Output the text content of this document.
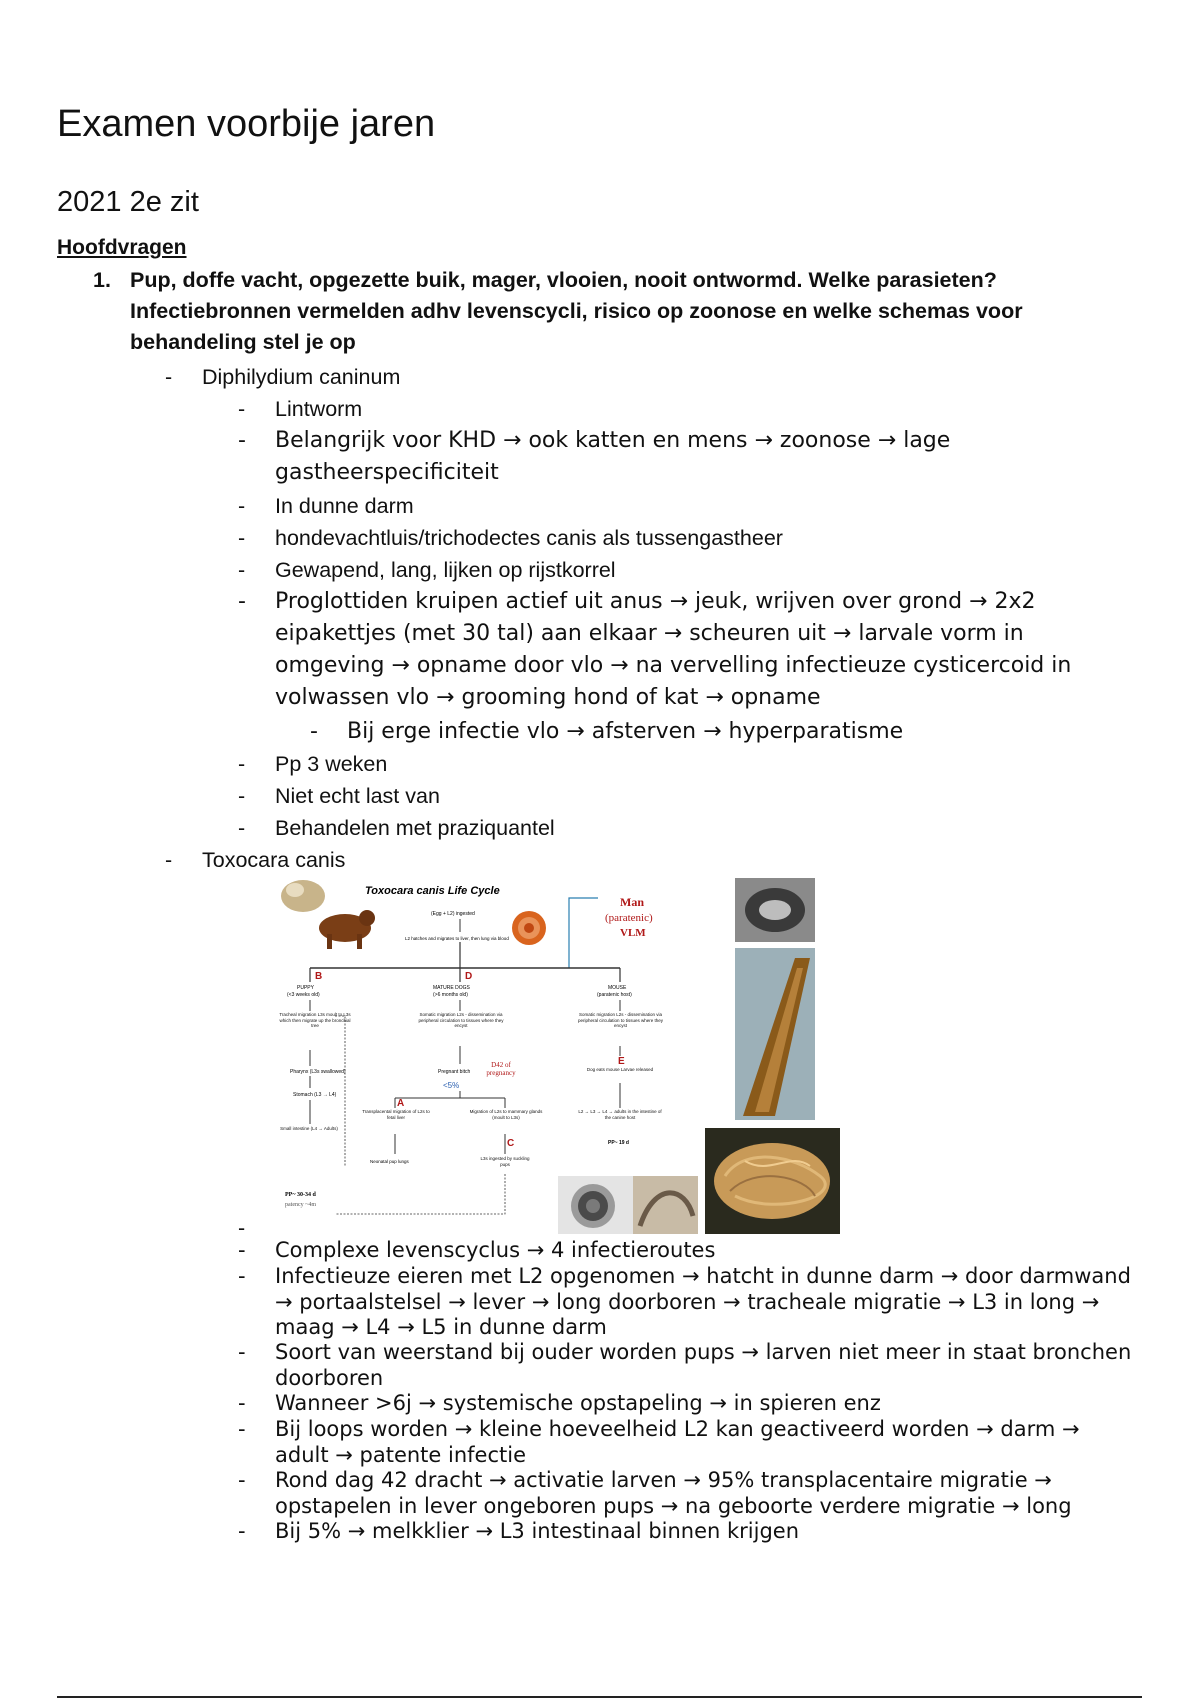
Examen voorbije jaren
2021 2e zit
Hoofdvragen
1. Pup, doffe vacht, opgezette buik, mager, vlooien, nooit ontwormd. Welke parasieten? Infectiebronnen vermelden adhv levenscycli, risico op zoonose en welke schemas voor behandeling stel je op
- Diphilydium caninum
- Lintworm
- Belangrijk voor KHD → ook katten en mens → zoonose → lage gastheerspecificiteit
- In dunne darm
- hondevachtluis/trichodectes canis als tussengastheer
- Gewapend, lang, lijken op rijstkorrel
- Proglottiden kruipen actief uit anus → jeuk, wrijven over grond → 2x2 eipakettjes (met 30 tal) aan elkaar → scheuren uit → larvale vorm in omgeving → opname door vlo → na vervelling infectieuze cysticercoid in volwassen vlo → grooming hond of kat → opname
- Bij erge infectie vlo → afsterven → hyperparatisme
- Pp 3 weken
- Niet echt last van
- Behandelen met praziquantel
- Toxocara canis
Toxocara canis Life Cycle
(Egg + L2) ingested
L2 hatches and migrates to liver, then lung via blood
Man
(paratenic)
VLM
B	D
PUPPY
(<3 weeks old)
MATURE DOGS
(>6 months old)
MOUSE
(paratenic host)
Tracheal migration L3s moult to L3s which then migrate up the bronchial tree
Somatic migration L2s - dissemination via peripheral circulation to tissues where they encyst
Somatic migration L2s - dissemination via peripheral circulation to tissues where they encyst
Pharynx (L3s swallowed)	Pregnant bitch
<5%
D42 of pregnancy
E
Dog eats mouse Larvae released
A
Stomach (L3 → L4)
Transplacental migration of L2s to fetal liver
Migration of L2s to mammary glands (moult to L3s)
L2 → L3 → L4 → adults in the intestine of the canine host
PP~ 19 d
C
Small intestine (L4 → Adults)
Neonatal pup lungs
L3s ingested by suckling pups
PP~ 30-34 d
patency ~4m
-
- Complexe levenscyclus → 4 infectieroutes
- Infectieuze eieren met L2 opgenomen → hatcht in dunne darm → door darmwand → portaalstelsel → lever → long doorboren → tracheale migratie → L3 in long → maag → L4 → L5 in dunne darm
- Soort van weerstand bij ouder worden pups → larven niet meer in staat bronchen doorboren
- Wanneer >6j → systemische opstapeling → in spieren enz
- Bij loops worden → kleine hoeveelheid L2 kan geactiveerd worden → darm → adult → patente infectie
- Rond dag 42 dracht → activatie larven → 95% transplacentaire migratie → opstapelen in lever ongeboren pups → na geboorte verdere migratie → long
- Bij 5% → melkklier → L3 intestinaal binnen krijgen
